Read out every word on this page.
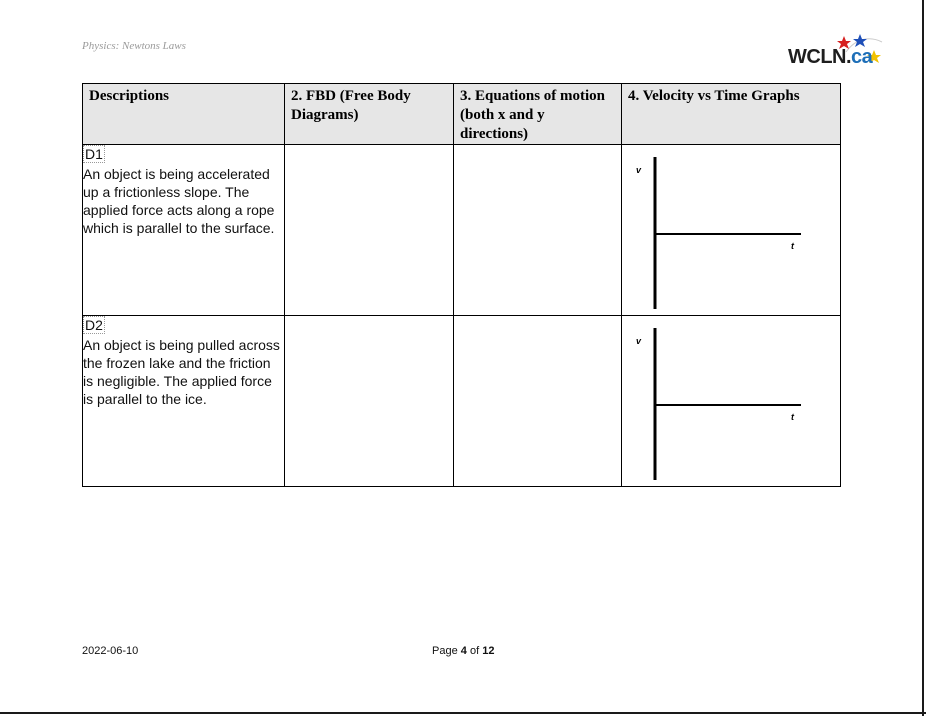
Physics: Newtons Laws	WCLN.ca
Descriptions	2. FBD (Free Body Diagrams)	3. Equations of motion (both x and y directions)	4. Velocity vs Time Graphs
D1
An object is being accelerated up a frictionless slope. The applied force acts along a rope which is parallel to the surface.			v
t

D2
An object is being pulled across the frozen lake and the friction is negligible. The applied force is parallel to the ice.			v
t
2022-06-10	Page 4 of 12
